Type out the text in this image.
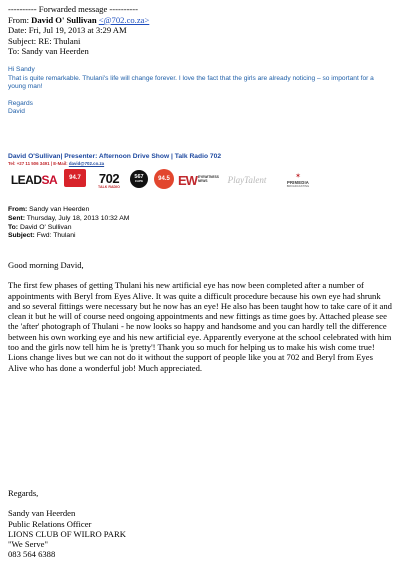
---------- Forwarded message ----------
From: David O' Sullivan <@702.co.za>
Date: Fri, Jul 19, 2013 at 3:29 AM
Subject: RE: Thulani
To: Sandy van Heerden

Hi Sandy

That is quite remarkable. Thulani's life will change forever. I love the fact that the girls are already noticing – so important for a young man!

Regards

David

David O'Sullivan| Presenter: Afternoon Drive Show | Talk Radio 702
Tel: +27 11 506 3491 | E-Mail: david@702.co.za
LEAD SA 94.7 702
TALK RADIO
567
CAPE 94.5 EW EYEWITNESS NEWS	PlayTalent	✶
PRIMEDIA
BROADCASTING
From: Sandy van Heerden
Sent: Thursday, July 18, 2013 10:32 AM
To: David O' Sullivan
Subject: Fwd: Thulani

Good morning David,

The first few phases of getting Thulani his new artificial eye has now been completed after a number of appointments with Beryl from Eyes Alive. It was quite a difficult procedure because his own eye had shrunk and so several fittings were necessary but he now has an eye! He also has been taught how to take care of it and clean it but he will of course need ongoing appointments and new fittings as time goes by. Attached please see the 'after' photograph of Thulani - he now looks so happy and handsome and you can hardly tell the difference between his own working eye and his new artificial eye. Apparently everyone at the school celebrated with him too and the girls now tell him he is 'pretty'! Thank you so much for helping us to make his wish come true! Lions change lives but we can not do it without the support of people like you at 702 and Beryl from Eyes Alive who has done a wonderful job! Much appreciated.

Regards,

Sandy van Heerden

Public Relations Officer

LIONS CLUB OF WILRO PARK

"We Serve"

083 564 6388
